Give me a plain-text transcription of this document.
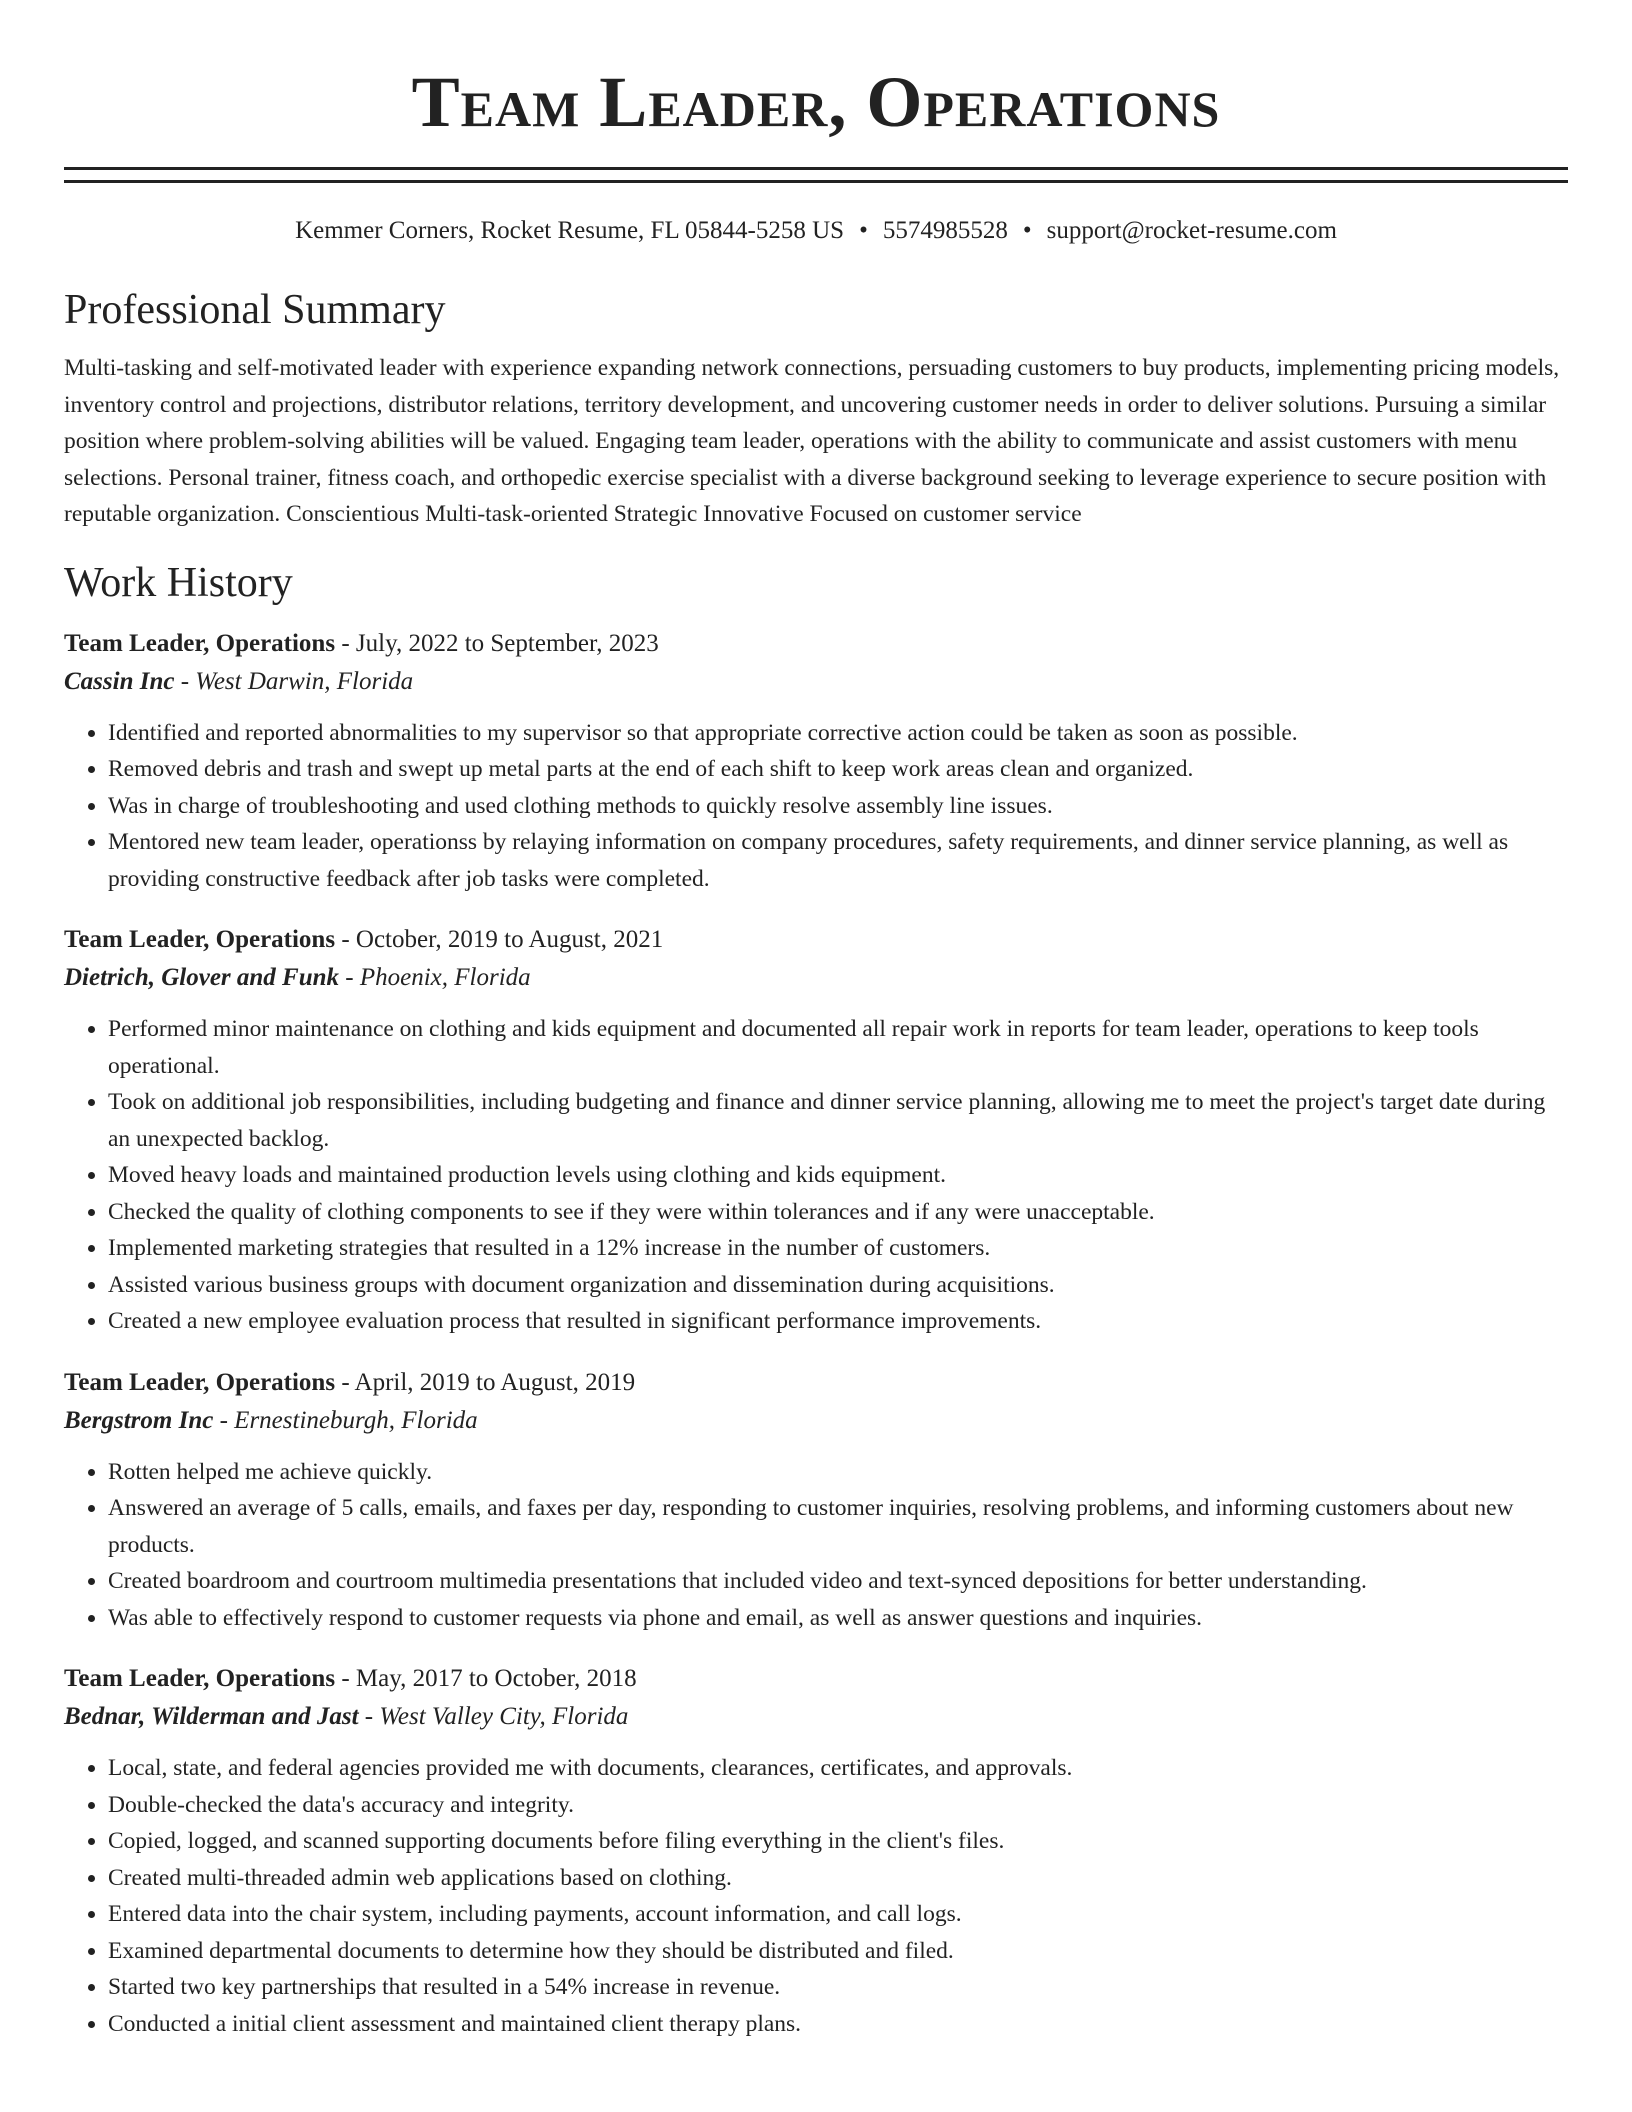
Team Leader, Operations
Kemmer Corners, Rocket Resume, FL 05844-5258 US • 5574985528 • support@rocket-resume.com
Professional Summary

Multi-tasking and self-motivated leader with experience expanding network connections, persuading customers to buy products, implementing pricing models, inventory control and projections, distributor relations, territory development, and uncovering customer needs in order to deliver solutions. Pursuing a similar position where problem-solving abilities will be valued. Engaging team leader, operations with the ability to communicate and assist customers with menu selections. Personal trainer, fitness coach, and orthopedic exercise specialist with a diverse background seeking to leverage experience to secure position with reputable organization. Conscientious Multi-task-oriented Strategic Innovative Focused on customer service

Work History
Team Leader, Operations - July, 2022 to September, 2023
Cassin Inc - West Darwin, Florida
• Identified and reported abnormalities to my supervisor so that appropriate corrective action could be taken as soon as possible.
• Removed debris and trash and swept up metal parts at the end of each shift to keep work areas clean and organized.
• Was in charge of troubleshooting and used clothing methods to quickly resolve assembly line issues.
• Mentored new team leader, operationss by relaying information on company procedures, safety requirements, and dinner service planning, as well as providing constructive feedback after job tasks were completed.
Team Leader, Operations - October, 2019 to August, 2021
Dietrich, Glover and Funk - Phoenix, Florida
• Performed minor maintenance on clothing and kids equipment and documented all repair work in reports for team leader, operations to keep tools operational.
• Took on additional job responsibilities, including budgeting and finance and dinner service planning, allowing me to meet the project's target date during an unexpected backlog.
• Moved heavy loads and maintained production levels using clothing and kids equipment.
• Checked the quality of clothing components to see if they were within tolerances and if any were unacceptable.
• Implemented marketing strategies that resulted in a 12% increase in the number of customers.
• Assisted various business groups with document organization and dissemination during acquisitions.
• Created a new employee evaluation process that resulted in significant performance improvements.
Team Leader, Operations - April, 2019 to August, 2019
Bergstrom Inc - Ernestineburgh, Florida
• Rotten helped me achieve quickly.
• Answered an average of 5 calls, emails, and faxes per day, responding to customer inquiries, resolving problems, and informing customers about new products.
• Created boardroom and courtroom multimedia presentations that included video and text-synced depositions for better understanding.
• Was able to effectively respond to customer requests via phone and email, as well as answer questions and inquiries.
Team Leader, Operations - May, 2017 to October, 2018
Bednar, Wilderman and Jast - West Valley City, Florida
• Local, state, and federal agencies provided me with documents, clearances, certificates, and approvals.
• Double-checked the data's accuracy and integrity.
• Copied, logged, and scanned supporting documents before filing everything in the client's files.
• Created multi-threaded admin web applications based on clothing.
• Entered data into the chair system, including payments, account information, and call logs.
• Examined departmental documents to determine how they should be distributed and filed.
• Started two key partnerships that resulted in a 54% increase in revenue.
• Conducted a initial client assessment and maintained client therapy plans.
